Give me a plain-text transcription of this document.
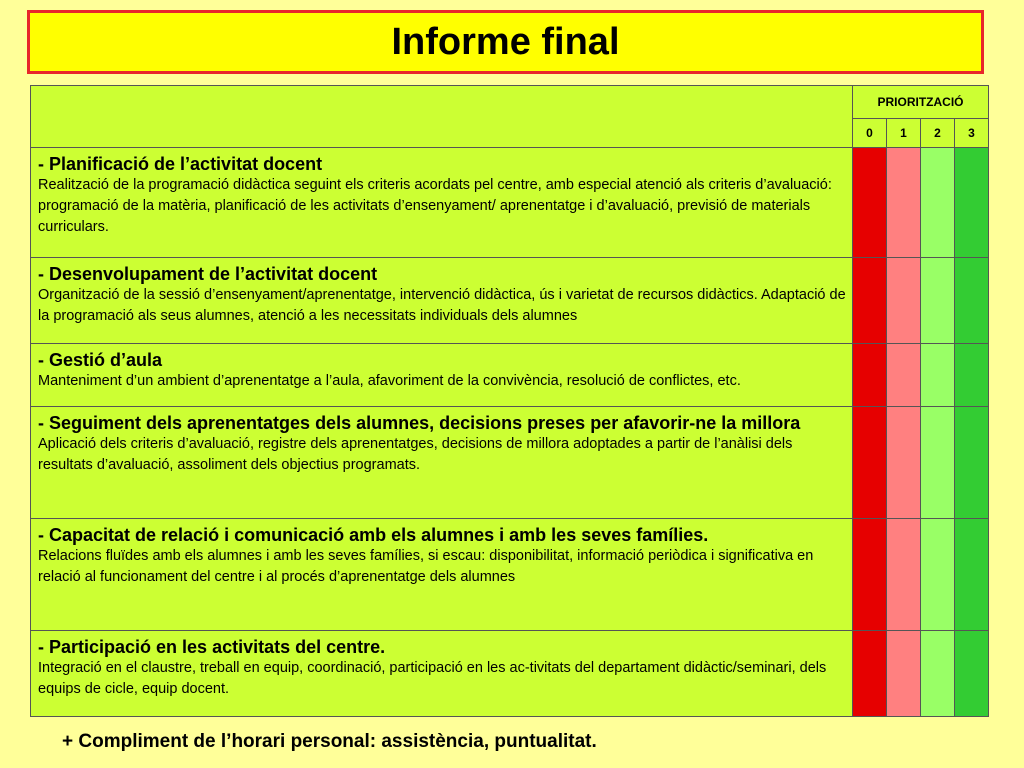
Informe final
	PRIORITZACIÓ			
	0	1	2	3

- Planificació de l’activitat docent
Realització de la programació didàctica seguint els criteris acordats pel centre, amb especial atenció als criteris d’avaluació: programació de la matèria, planificació de les activitats d’ensenyament/ aprenentatge i d’avaluació, previsió de materials curriculars.				

- Desenvolupament de l’activitat docent
Organització de la sessió d’ensenyament/aprenentatge, intervenció didàctica, ús i varietat de recursos didàctics. Adaptació de la programació als seus alumnes, atenció a les necessitats individuals dels alumnes				

- Gestió d’aula
Manteniment d’un ambient d’aprenentatge a l’aula, afavoriment de la convivència, resolució de conflictes, etc.				

- Seguiment dels aprenentatges dels alumnes, decisions preses per afavorir-ne la millora
Aplicació dels criteris d’avaluació, registre dels aprenentatges, decisions de millora adoptades a partir de l’anàlisi dels resultats d’avaluació, assoliment dels objectius programats.				

- Capacitat de relació i comunicació amb els alumnes i amb les seves famílies.
Relacions fluïdes amb els alumnes i amb les seves famílies, si escau: disponibilitat, informació periòdica i significativa en relació al funcionament del centre i al procés d’aprenentatge dels alumnes				

- Participació en les activitats del centre.
Integració en el claustre, treball en equip, coordinació, participació en les ac-tivitats del departament didàctic/seminari, dels equips de cicle, equip docent.				

+ Compliment de l’horari personal: assistència, puntualitat.
